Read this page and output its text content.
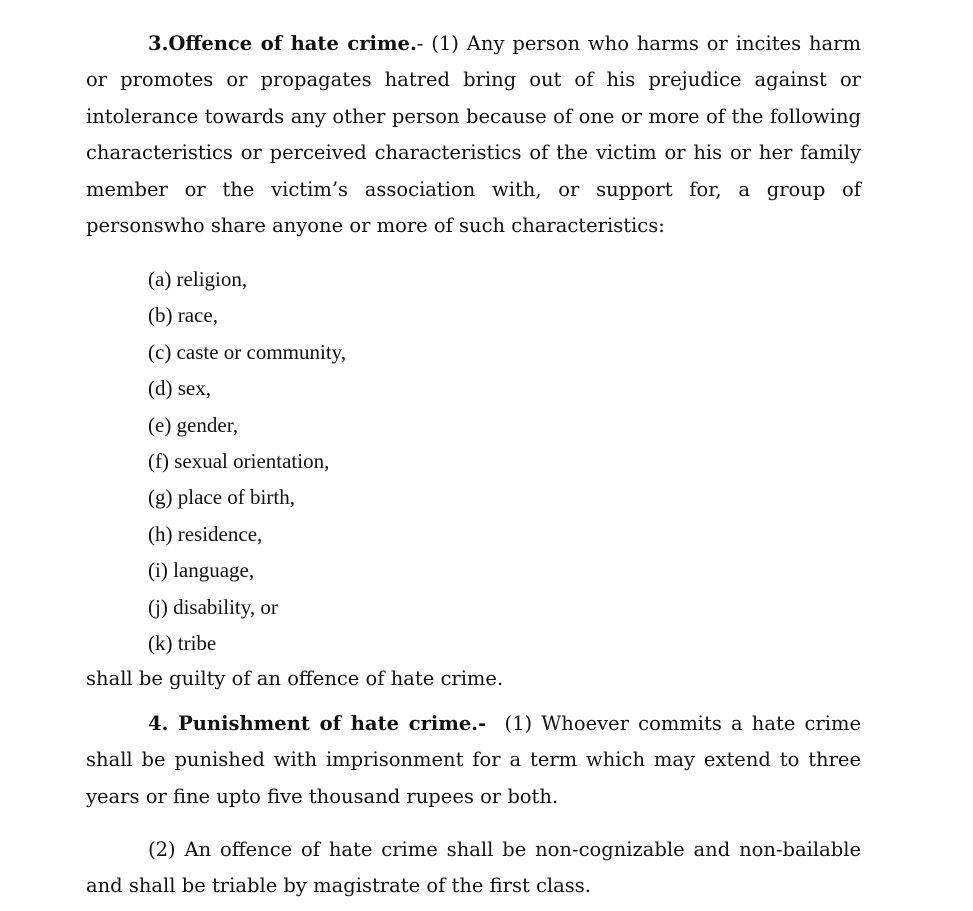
3.Offence of hate crime.- (1) Any person who harms or incites harm or promotes or propagates hatred bring out of his prejudice against or intolerance towards any other person because of one or more of the following characteristics or perceived characteristics of the victim or his or her family member or the victim’s association with, or support for, a group of personswho share anyone or more of such characteristics:

(a) religion,
(b) race,
(c) caste or community,
(d) sex,
(e) gender,
(f) sexual orientation,
(g) place of birth,
(h) residence,
(i) language,
(j) disability, or
(k) tribe

shall be guilty of an offence of hate crime.

4. Punishment of hate crime.- (1) Whoever commits a hate crime shall be punished with imprisonment for a term which may extend to three years or fine upto five thousand rupees or both.

(2) An offence of hate crime shall be non-cognizable and non-bailable and shall be triable by magistrate of the first class.
